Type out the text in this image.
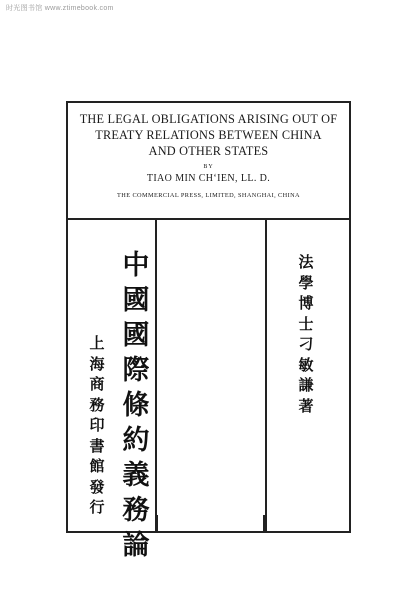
时光图书馆 www.ztimebook.com
THE LEGAL OBLIGATIONS ARISING OUT OF
TREATY RELATIONS BETWEEN CHINA
AND OTHER STATES
BY
TIAO MIN CH‘IEN, LL. D.
THE COMMERCIAL PRESS, LIMITED, SHANGHAI, CHINA
上
海
商
務
印
書
館
發
行
中
國
國
際
條
約
義
務
論
法
學
博
士
刁
敏
謙
著
